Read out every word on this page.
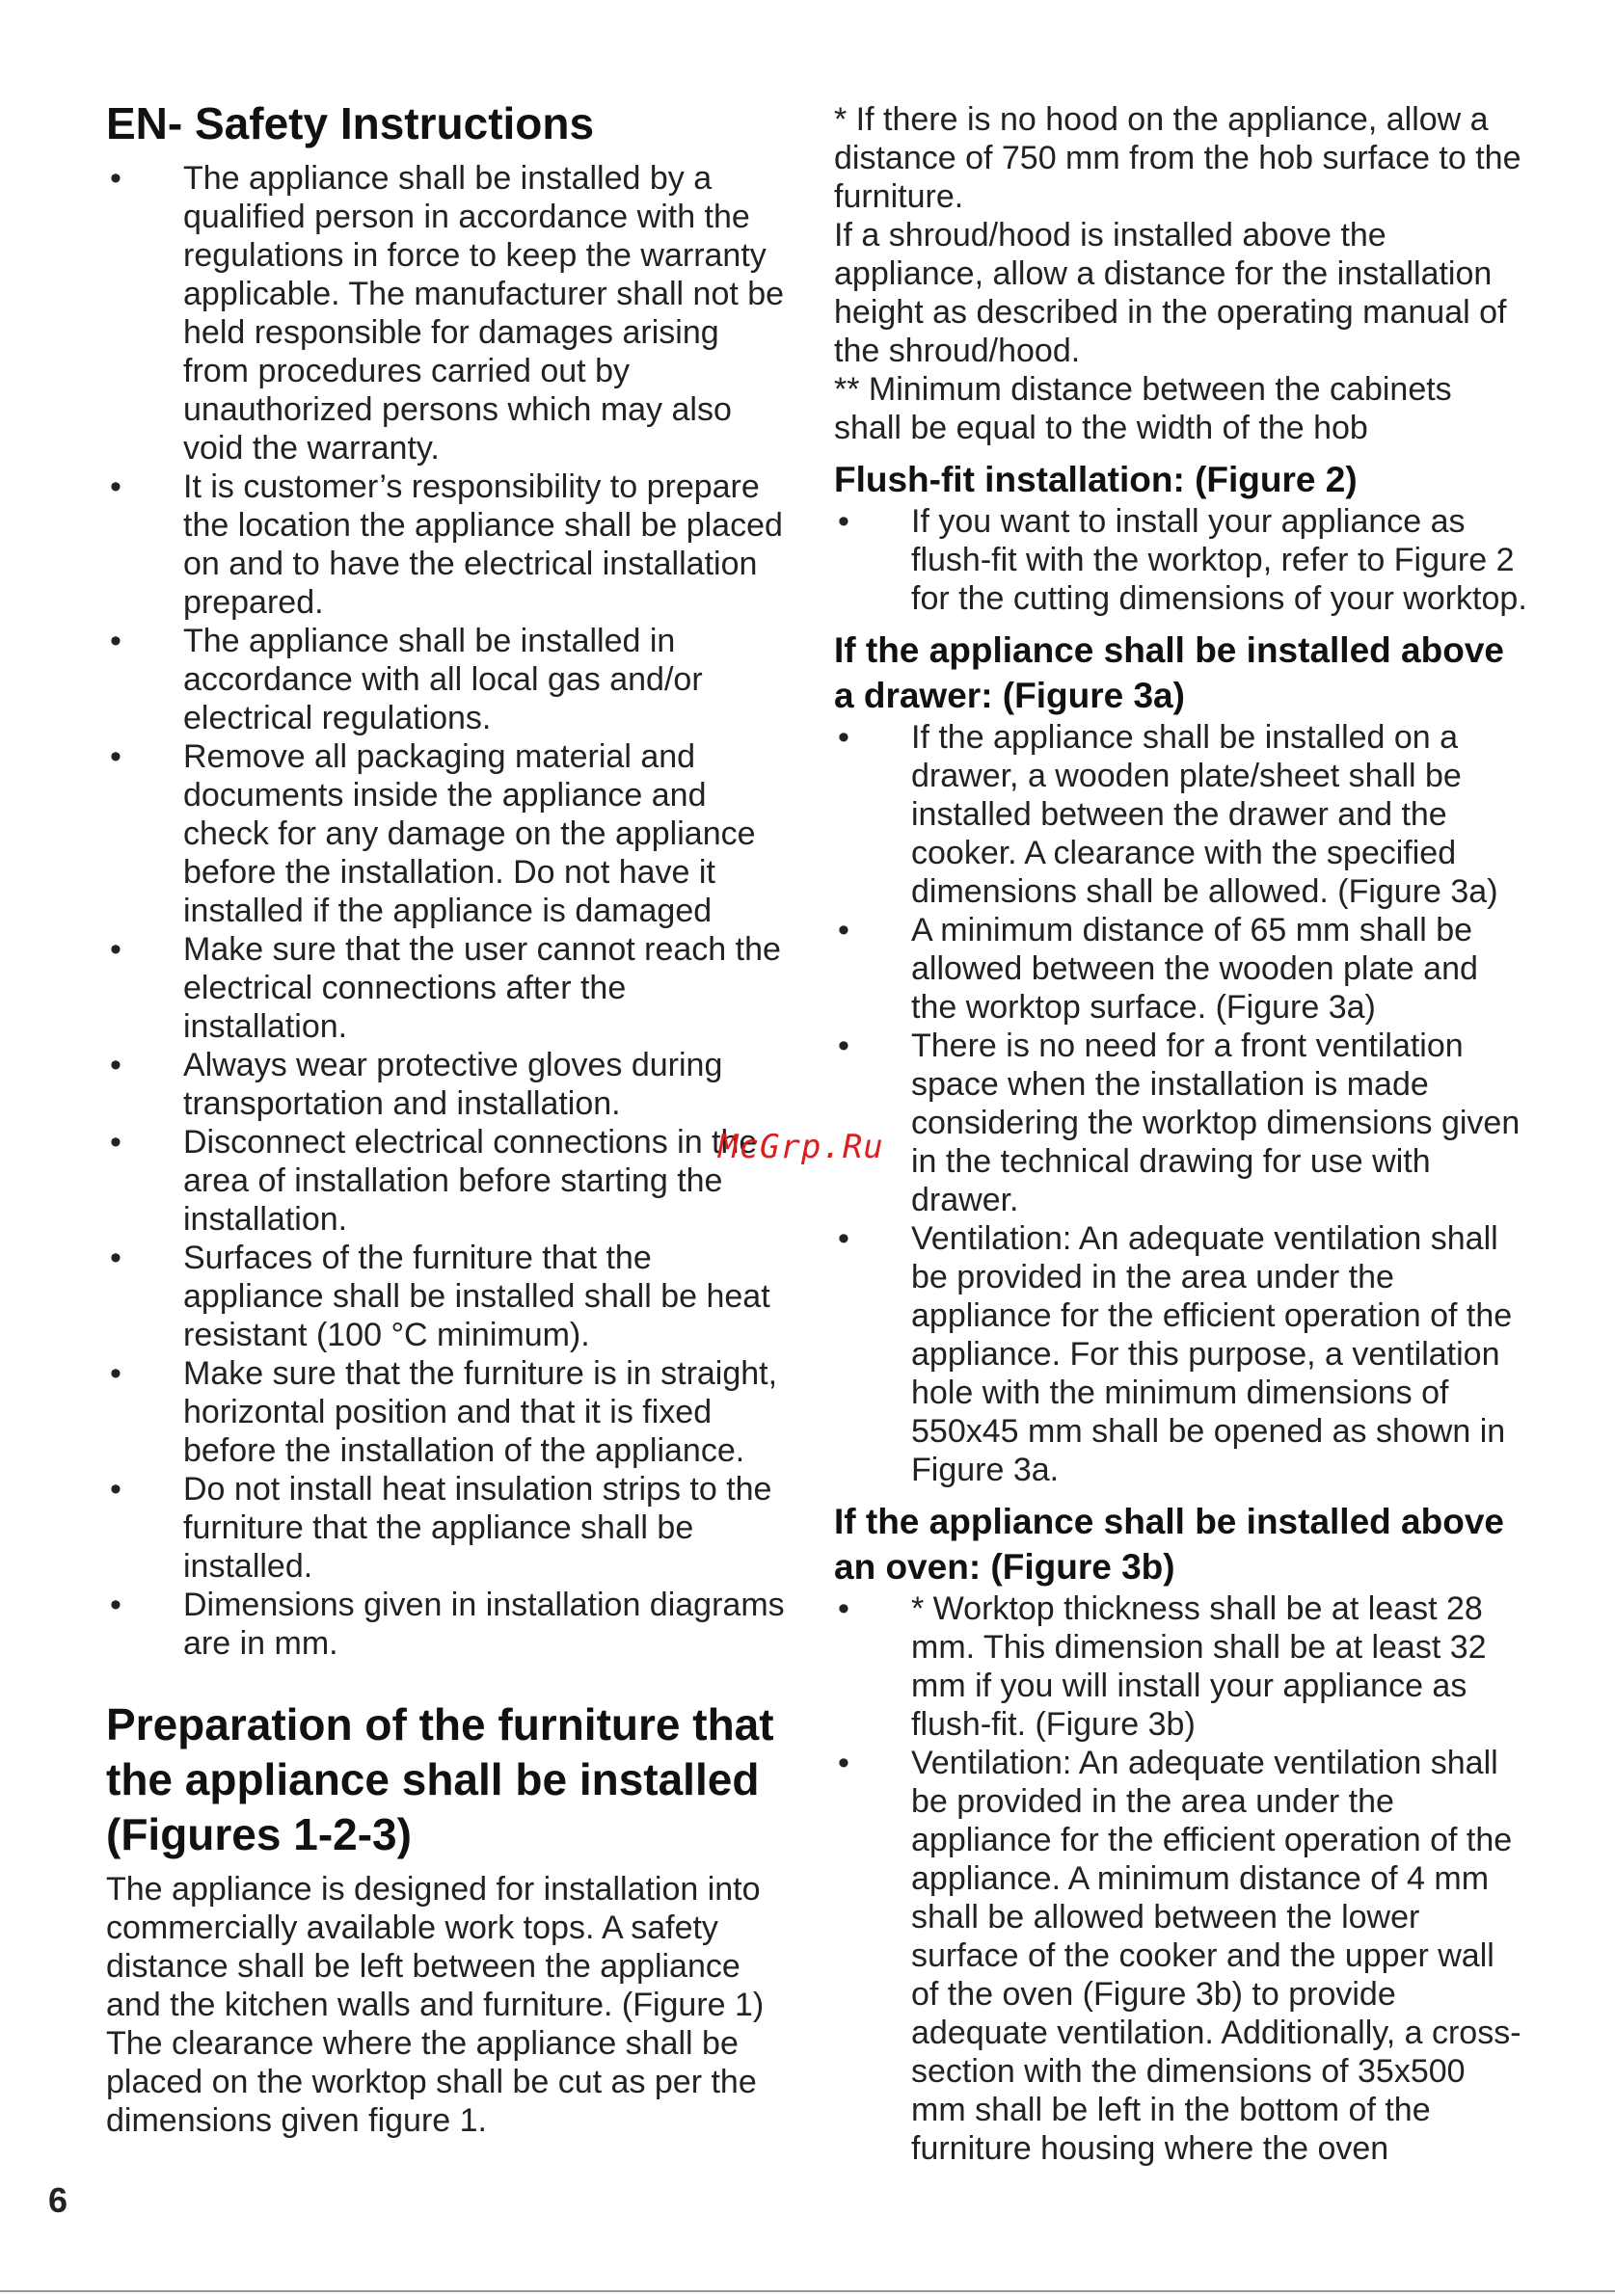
EN- Safety Instructions
• The appliance shall be installed by a qualified person in accordance with the regulations in force to keep the warranty applicable. The manufacturer shall not be held responsible for damages arising from procedures carried out by unauthorized persons which may also void the warranty.
• It is customer’s responsibility to prepare the location the appliance shall be placed on and to have the electrical installation prepared.
• The appliance shall be installed in accordance with all local gas and/or electrical regulations.
• Remove all packaging material and documents inside the appliance and check for any damage on the appliance before the installation. Do not have it installed if the appliance is damaged
• Make sure that the user cannot reach the electrical connections after the installation.
• Always wear protective gloves during transportation and installation.
• Disconnect electrical connections in the area of installation before starting the installation.
• Surfaces of the furniture that the appliance shall be installed shall be heat resistant (100 °C minimum).
• Make sure that the furniture is in straight, horizontal position and that it is fixed before the installation of the appliance.
• Do not install heat insulation strips to the furniture that the appliance shall be installed.
• Dimensions given in installation diagrams are in mm.
Preparation of the furniture that the appliance shall be installed (Figures 1-2-3)

The appliance is designed for installation into commercially available work tops. A safety distance shall be left between the appliance and the kitchen walls and furniture. (Figure 1) The clearance where the appliance shall be placed on the worktop shall be cut as per the dimensions given figure 1.

* If there is no hood on the appliance, allow a distance of 750 mm from the hob surface to the furniture.

If a shroud/hood is installed above the appliance, allow a distance for the installation height as described in the operating manual of the shroud/hood.

** Minimum distance between the cabinets shall be equal to the width of the hob

Flush-fit installation: (Figure 2)
• If you want to install your appliance as flush-fit with the worktop, refer to Figure 2 for the cutting dimensions of your worktop.
If the appliance shall be installed above a drawer: (Figure 3a)
• If the appliance shall be installed on a drawer, a wooden plate/sheet shall be installed between the drawer and the cooker. A clearance with the specified dimensions shall be allowed. (Figure 3a)
• A minimum distance of 65 mm shall be allowed between the wooden plate and the worktop surface. (Figure 3a)
• There is no need for a front ventilation space when the installation is made considering the worktop dimensions given in the technical drawing for use with drawer.
• Ventilation: An adequate ventilation shall be provided in the area under the appliance for the efficient operation of the appliance. For this purpose, a ventilation hole with the minimum dimensions of 550x45 mm shall be opened as shown in Figure 3a.
If the appliance shall be installed above an oven: (Figure 3b)
• * Worktop thickness shall be at least 28 mm. This dimension shall be at least 32 mm if you will install your appliance as flush-fit. (Figure 3b)
• Ventilation: An adequate ventilation shall be provided in the area under the appliance for the efficient operation of the appliance. A minimum distance of 4 mm shall be allowed between the lower surface of the cooker and the upper wall of the oven (Figure 3b) to provide adequate ventilation. Additionally, a cross-section with the dimensions of 35x500 mm shall be left in the bottom of the furniture housing where the oven
McGrp.Ru
6
